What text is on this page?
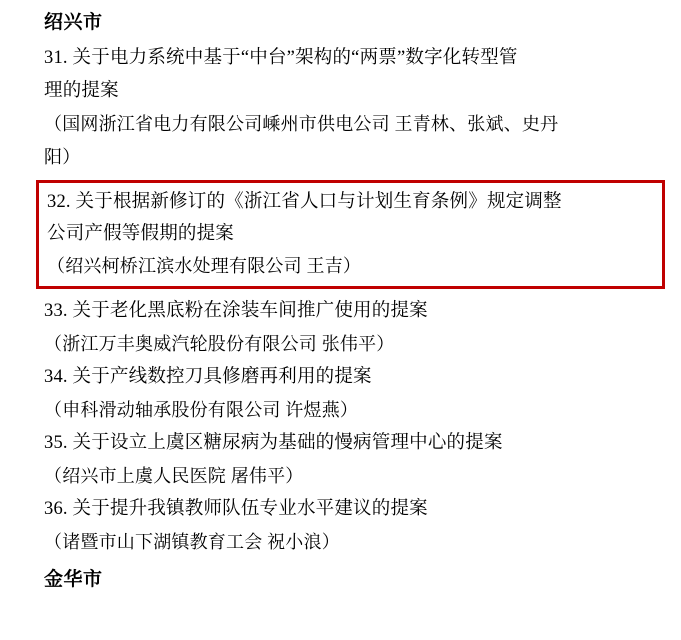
绍兴市
31. 关于电力系统中基于“中台”架构的“两票”数字化转型管
理的提案
（国网浙江省电力有限公司嵊州市供电公司 王青林、张斌、史丹
阳）
32. 关于根据新修订的《浙江省人口与计划生育条例》规定调整
公司产假等假期的提案
（绍兴柯桥江滨水处理有限公司 王吉）
33. 关于老化黑底粉在涂装车间推广使用的提案
（浙江万丰奥威汽轮股份有限公司 张伟平）
34. 关于产线数控刀具修磨再利用的提案
（申科滑动轴承股份有限公司 许煜燕）
35. 关于设立上虞区糖尿病为基础的慢病管理中心的提案
（绍兴市上虞人民医院 屠伟平）
36. 关于提升我镇教师队伍专业水平建议的提案
（诸暨市山下湖镇教育工会 祝小浪）
金华市
